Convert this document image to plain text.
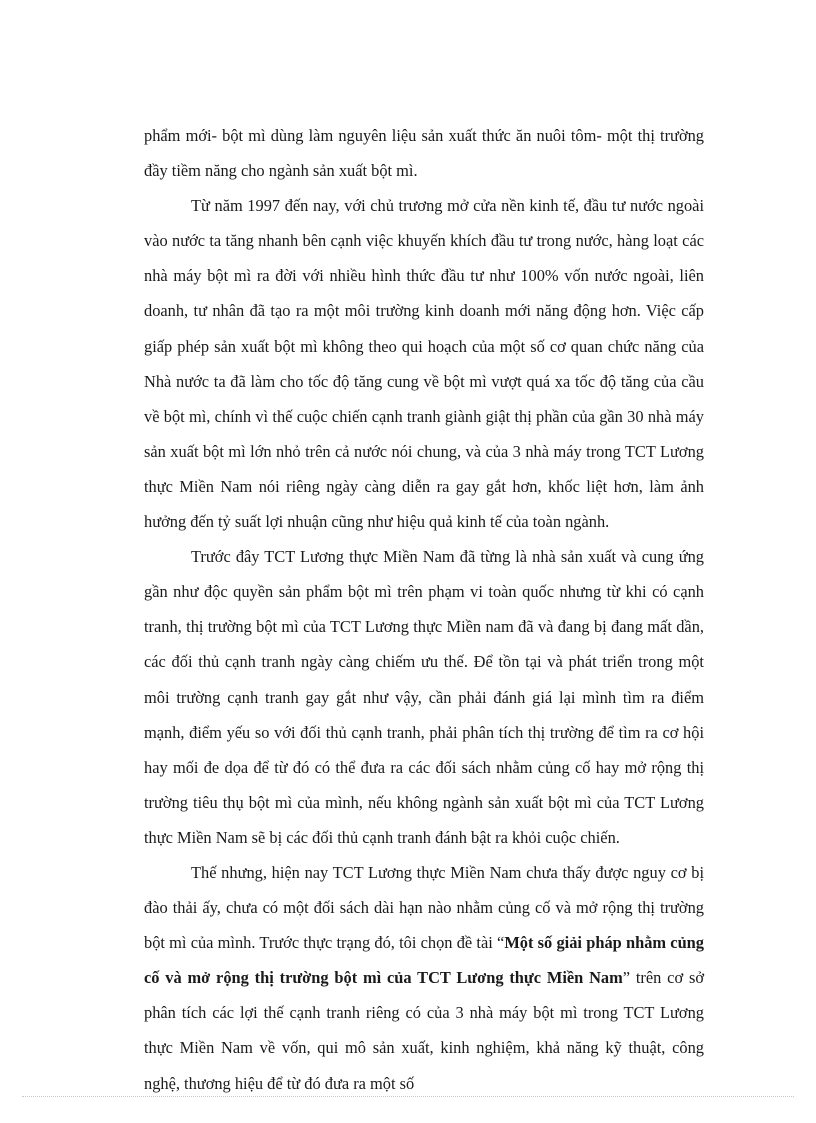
phẩm mới- bột mì dùng làm nguyên liệu sản xuất thức ăn nuôi tôm- một thị trường đầy tiềm năng cho ngành sản xuất bột mì.

Từ năm 1997 đến nay, với chủ trương mở cửa nền kinh tế, đầu tư nước ngoài vào nước ta tăng nhanh bên cạnh việc khuyến khích đầu tư trong nước, hàng loạt các nhà máy bột mì ra đời với nhiều hình thức đầu tư như 100% vốn nước ngoài, liên doanh, tư nhân đã tạo ra một môi trường kinh doanh mới năng động hơn. Việc cấp giấp phép sản xuất bột mì không theo qui hoạch của một số cơ quan chức năng của Nhà nước ta đã làm cho tốc độ tăng cung về bột mì vượt quá xa tốc độ tăng của cầu về bột mì, chính vì thế cuộc chiến cạnh tranh giành giật thị phần của gần 30 nhà máy sản xuất bột mì lớn nhỏ trên cả nước nói chung, và của 3 nhà máy trong TCT Lương thực Miền Nam nói riêng ngày càng diễn ra gay gắt hơn, khốc liệt hơn, làm ảnh hưởng đến tỷ suất lợi nhuận cũng như hiệu quả kinh tế của toàn ngành.

Trước đây TCT Lương thực Miền Nam đã từng là nhà sản xuất và cung ứng gần như độc quyền sản phẩm bột mì trên phạm vi toàn quốc nhưng từ khi có cạnh tranh, thị trường bột mì của TCT Lương thực Miền nam đã và đang bị đang mất dần, các đối thủ cạnh tranh ngày càng chiếm ưu thế. Để tồn tại và phát triển trong một môi trường cạnh tranh gay gắt như vậy, cần phải đánh giá lại mình tìm ra điểm mạnh, điểm yếu so với đối thủ cạnh tranh, phải phân tích thị trường để tìm ra cơ hội hay mối đe dọa để từ đó có thể đưa ra các đối sách nhằm củng cố hay mở rộng thị trường tiêu thụ bột mì của mình, nếu không ngành sản xuất bột mì của TCT Lương thực Miền Nam sẽ bị các đối thủ cạnh tranh đánh bật ra khỏi cuộc chiến.

Thế nhưng, hiện nay TCT Lương thực Miền Nam chưa thấy được nguy cơ bị đào thải ấy, chưa có một đối sách dài hạn nào nhằm củng cố và mở rộng thị trường bột mì của mình. Trước thực trạng đó, tôi chọn đề tài “Một số giải pháp nhằm củng cố và mở rộng thị trường bột mì của TCT Lương thực Miền Nam” trên cơ sở phân tích các lợi thế cạnh tranh riêng có của 3 nhà máy bột mì trong TCT Lương thực Miền Nam về vốn, qui mô sản xuất, kinh nghiệm, khả năng kỹ thuật, công nghệ, thương hiệu để từ đó đưa ra một số
